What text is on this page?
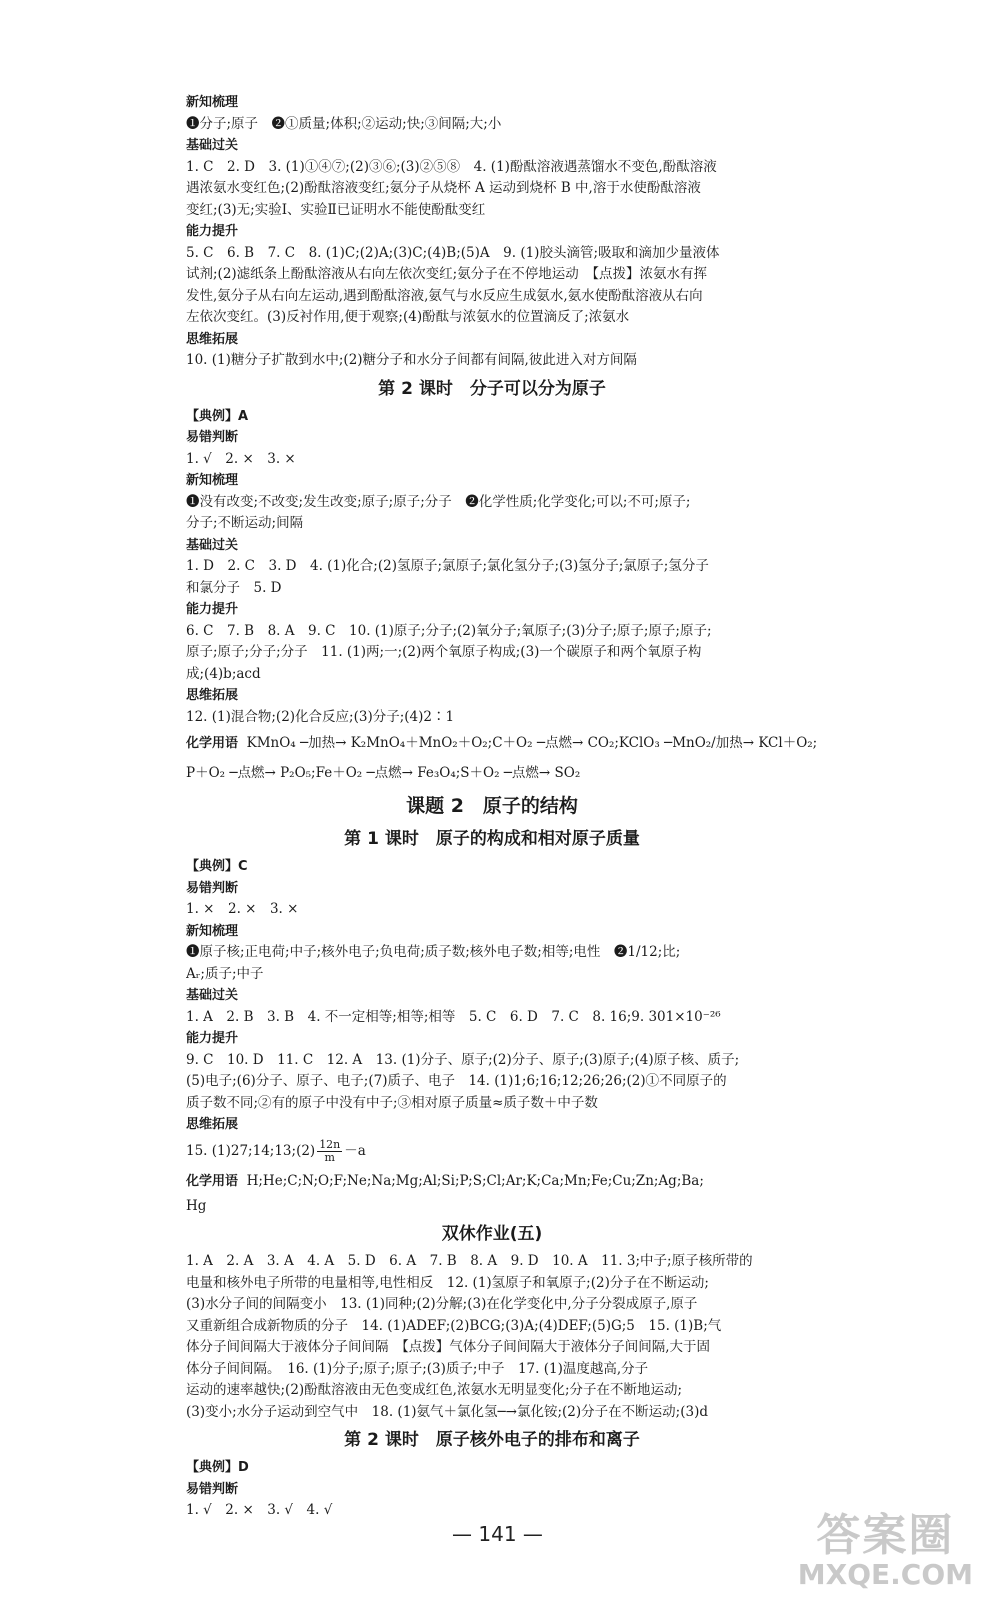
新知梳理
❶分子;原子　❷①质量;体积;②运动;快;③间隔;大;小
基础过关
1. C　2. D　3. (1)①④⑦;(2)③⑥;(3)②⑤⑧　4. (1)酚酞溶液遇蒸馏水不变色,酚酞溶液
遇浓氨水变红色;(2)酚酞溶液变红;氨分子从烧杯 A 运动到烧杯 B 中,溶于水使酚酞溶液
变红;(3)无;实验Ⅰ、实验Ⅱ已证明水不能使酚酞变红
能力提升
5. C　6. B　7. C　8. (1)C;(2)A;(3)C;(4)B;(5)A　9. (1)胶头滴管;吸取和滴加少量液体
试剂;(2)滤纸条上酚酞溶液从右向左依次变红;氨分子在不停地运动　【点拨】浓氨水有挥
发性,氨分子从右向左运动,遇到酚酞溶液,氨气与水反应生成氨水,氨水使酚酞溶液从右向
左依次变红。(3)反衬作用,便于观察;(4)酚酞与浓氨水的位置滴反了;浓氨水
思维拓展
10. (1)糖分子扩散到水中;(2)糖分子和水分子间都有间隔,彼此进入对方间隔
第 2 课时　分子可以分为原子
【典例】A
易错判断
1. √　2. ×　3. ×
新知梳理
❶没有改变;不改变;发生改变;原子;原子;分子　❷化学性质;化学变化;可以;不可;原子;
分子;不断运动;间隔
基础过关
1. D　2. C　3. D　4. (1)化合;(2)氢原子;氯原子;氯化氢分子;(3)氢分子;氯原子;氢分子
和氯分子　5. D
能力提升
6. C　7. B　8. A　9. C　10. (1)原子;分子;(2)氧分子;氧原子;(3)分子;原子;原子;原子;
原子;原子;分子;分子　11. (1)两;一;(2)两个氧原子构成;(3)一个碳原子和两个氧原子构
成;(4)b;acd
思维拓展
12. (1)混合物;(2)化合反应;(3)分子;(4)2∶1
化学用语 KMnO₄ ─加热→ K₂MnO₄＋MnO₂＋O₂;C＋O₂ ─点燃→ CO₂;KClO₃ ─MnO₂/加热→ KCl＋O₂;
P＋O₂ ─点燃→ P₂O₅;Fe＋O₂ ─点燃→ Fe₃O₄;S＋O₂ ─点燃→ SO₂
课题 2　原子的结构
第 1 课时　原子的构成和相对原子质量
【典例】C
易错判断
1. ×　2. ×　3. ×
新知梳理
❶原子核;正电荷;中子;核外电子;负电荷;质子数;核外电子数;相等;电性　❷1/12;比;
Aᵣ;质子;中子
基础过关
1. A　2. B　3. B　4. 不一定相等;相等;相等　5. C　6. D　7. C　8. 16;9. 301×10⁻²⁶
能力提升
9. C　10. D　11. C　12. A　13. (1)分子、原子;(2)分子、原子;(3)原子;(4)原子核、质子;
(5)电子;(6)分子、原子、电子;(7)质子、电子　14. (1)1;6;16;12;26;26;(2)①不同原子的
质子数不同;②有的原子中没有中子;③相对原子质量≈质子数＋中子数
思维拓展
15. (1)27;14;13;(2) $\frac{12n}{m} -a$
化学用语 H;He;C;N;O;F;Ne;Na;Mg;Al;Si;P;S;Cl;Ar;K;Ca;Mn;Fe;Cu;Zn;Ag;Ba;
Hg
双休作业(五)
1. A　2. A　3. A　4. A　5. D　6. A　7. B　8. A　9. D　10. A　11. 3;中子;原子核所带的
电量和核外电子所带的电量相等,电性相反　12. (1)氢原子和氧原子;(2)分子在不断运动;
(3)水分子间的间隔变小　13. (1)同种;(2)分解;(3)在化学变化中,分子分裂成原子,原子
又重新组合成新物质的分子　14. (1)ADEF;(2)BCG;(3)A;(4)DEF;(5)G;5　15. (1)B;气
体分子间间隔大于液体分子间间隔　【点拨】气体分子间间隔大于液体分子间间隔,大于固
体分子间间隔。　16. (1)分子;原子;原子;(3)质子;中子　17. (1)温度越高,分子
运动的速率越快;(2)酚酞溶液由无色变成红色,浓氨水无明显变化;分子在不断地运动;
(3)变小;水分子运动到空气中　18. (1)氨气＋氯化氢─→氯化铵;(2)分子在不断运动;(3)d
第 2 课时　原子核外电子的排布和离子
【典例】D
易错判断
1. √　2. ×　3. √　4. √
— 141 —	答案圈
MXQE.COM
